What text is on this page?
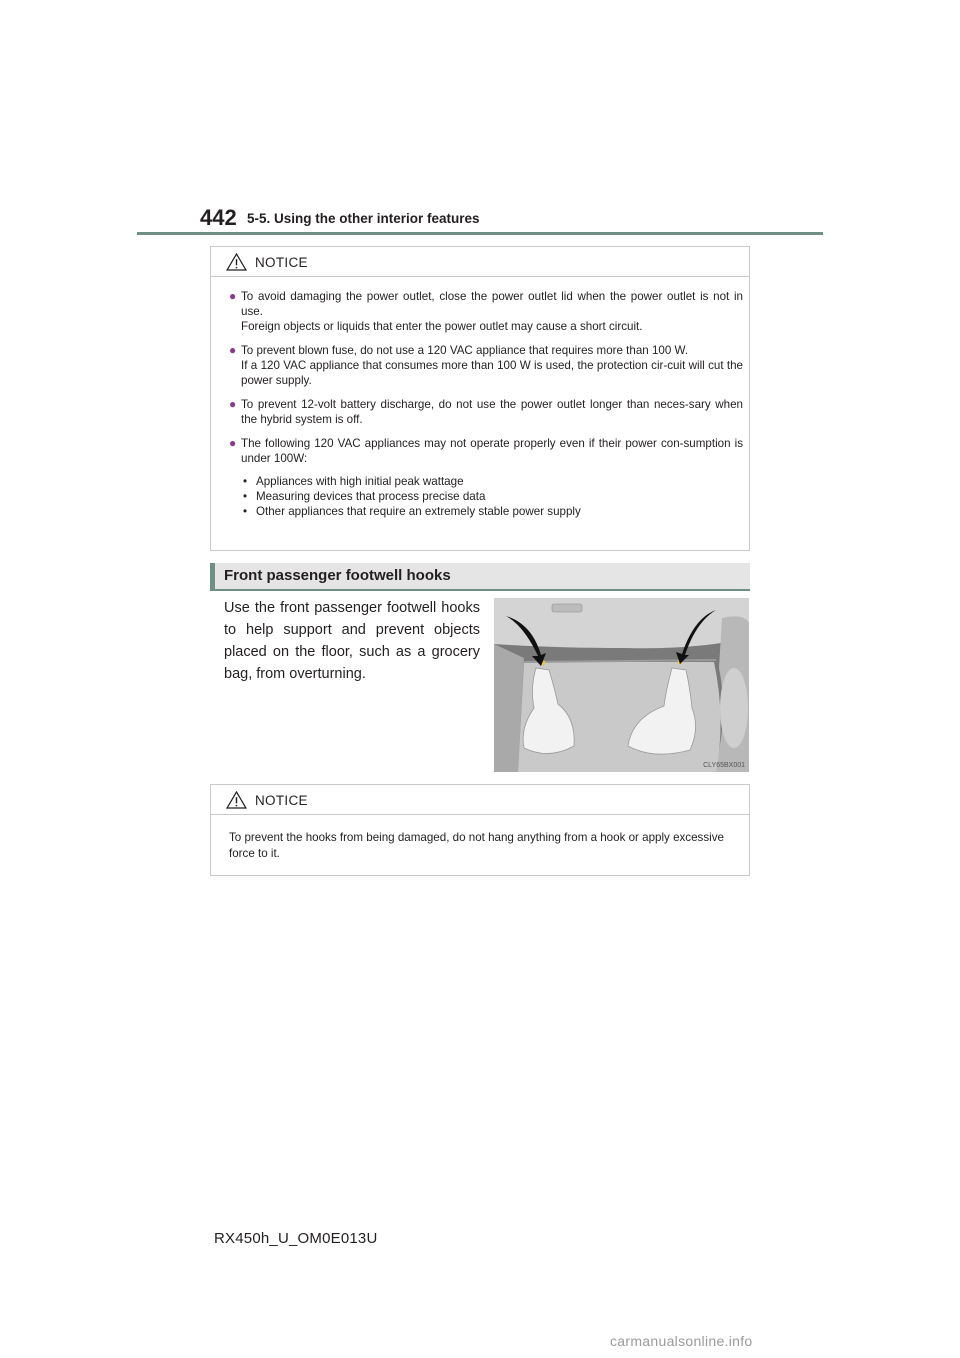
442 5-5. Using the other interior features
NOTICE
● To avoid damaging the power outlet, close the power outlet lid when the power outlet is not in use.
Foreign objects or liquids that enter the power outlet may cause a short circuit.
● To prevent blown fuse, do not use a 120 VAC appliance that requires more than 100 W.
If a 120 VAC appliance that consumes more than 100 W is used, the protection cir-cuit will cut the power supply.
● To prevent 12-volt battery discharge, do not use the power outlet longer than neces-sary when the hybrid system is off.
● The following 120 VAC appliances may not operate properly even if their power con-sumption is under 100W:
• Appliances with high initial peak wattage
• Measuring devices that process precise data
• Other appliances that require an extremely stable power supply
Front passenger footwell hooks
Use the front passenger footwell hooks to help support and prevent objects placed on the floor, such as a grocery bag, from overturning.
CLY65BX001
NOTICE
To prevent the hooks from being damaged, do not hang anything from a hook or apply excessive force to it.
RX450h_U_OM0E013U
carmanualsonline.info
